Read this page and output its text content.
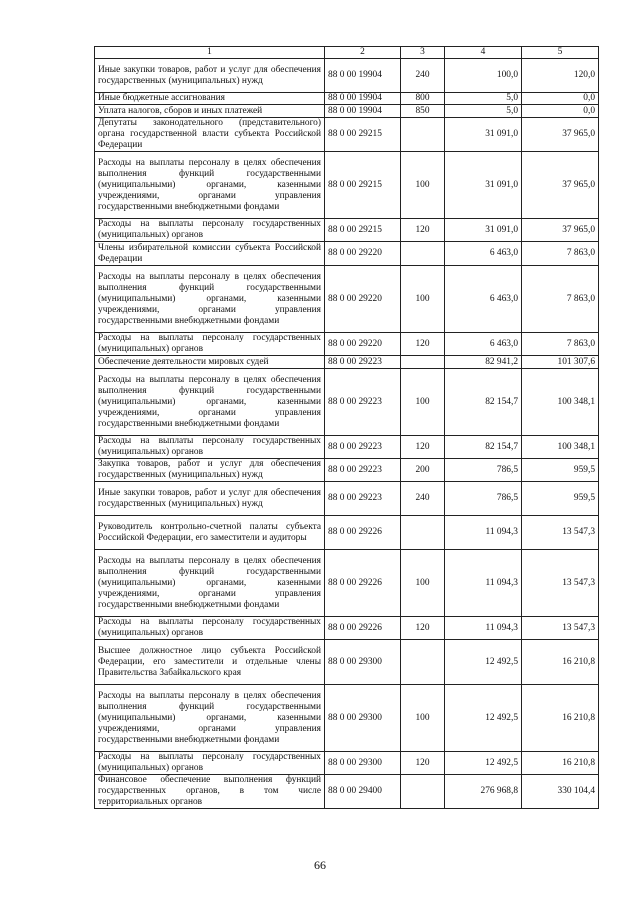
1	2	3	4	5
Иные закупки товаров, работ и услуг для обеспечения государственных (муниципальных) нужд	88 0 00 19904	240	100,0	120,0
Иные бюджетные ассигнования	88 0 00 19904	800	5,0	0,0
Уплата налогов, сборов и иных платежей	88 0 00 19904	850	5,0	0,0
Депутаты законодательного (представительного) органа государственной власти субъекта Российской Федерации	88 0 00 29215		31 091,0	37 965,0
Расходы на выплаты персоналу в целях обеспечения выполнения функций государственными (муниципальными) органами, казенными учреждениями, органами управления государственными внебюджетными фондами	88 0 00 29215	100	31 091,0	37 965,0
Расходы на выплаты персоналу государственных (муниципальных) органов	88 0 00 29215	120	31 091,0	37 965,0
Члены избирательной комиссии субъекта Российской Федерации	88 0 00 29220		6 463,0	7 863,0
Расходы на выплаты персоналу в целях обеспечения выполнения функций государственными (муниципальными) органами, казенными учреждениями, органами управления государственными внебюджетными фондами	88 0 00 29220	100	6 463,0	7 863,0
Расходы на выплаты персоналу государственных (муниципальных) органов	88 0 00 29220	120	6 463,0	7 863,0
Обеспечение деятельности мировых судей	88 0 00 29223		82 941,2	101 307,6
Расходы на выплаты персоналу в целях обеспечения выполнения функций государственными (муниципальными) органами, казенными учреждениями, органами управления государственными внебюджетными фондами	88 0 00 29223	100	82 154,7	100 348,1
Расходы на выплаты персоналу государственных (муниципальных) органов	88 0 00 29223	120	82 154,7	100 348,1
Закупка товаров, работ и услуг для обеспечения государственных (муниципальных) нужд	88 0 00 29223	200	786,5	959,5
Иные закупки товаров, работ и услуг для обеспечения государственных (муниципальных) нужд	88 0 00 29223	240	786,5	959,5
Руководитель контрольно-счетной палаты субъекта Российской Федерации, его заместители и аудиторы	88 0 00 29226		11 094,3	13 547,3
Расходы на выплаты персоналу в целях обеспечения выполнения функций государственными (муниципальными) органами, казенными учреждениями, органами управления государственными внебюджетными фондами	88 0 00 29226	100	11 094,3	13 547,3
Расходы на выплаты персоналу государственных (муниципальных) органов	88 0 00 29226	120	11 094,3	13 547,3
Высшее должностное лицо субъекта Российской Федерации, его заместители и отдельные члены Правительства Забайкальского края	88 0 00 29300		12 492,5	16 210,8
Расходы на выплаты персоналу в целях обеспечения выполнения функций государственными (муниципальными) органами, казенными учреждениями, органами управления государственными внебюджетными фондами	88 0 00 29300	100	12 492,5	16 210,8
Расходы на выплаты персоналу государственных (муниципальных) органов	88 0 00 29300	120	12 492,5	16 210,8
Финансовое обеспечение выполнения функций государственных органов, в том числе территориальных органов	88 0 00 29400		276 968,8	330 104,4
66
